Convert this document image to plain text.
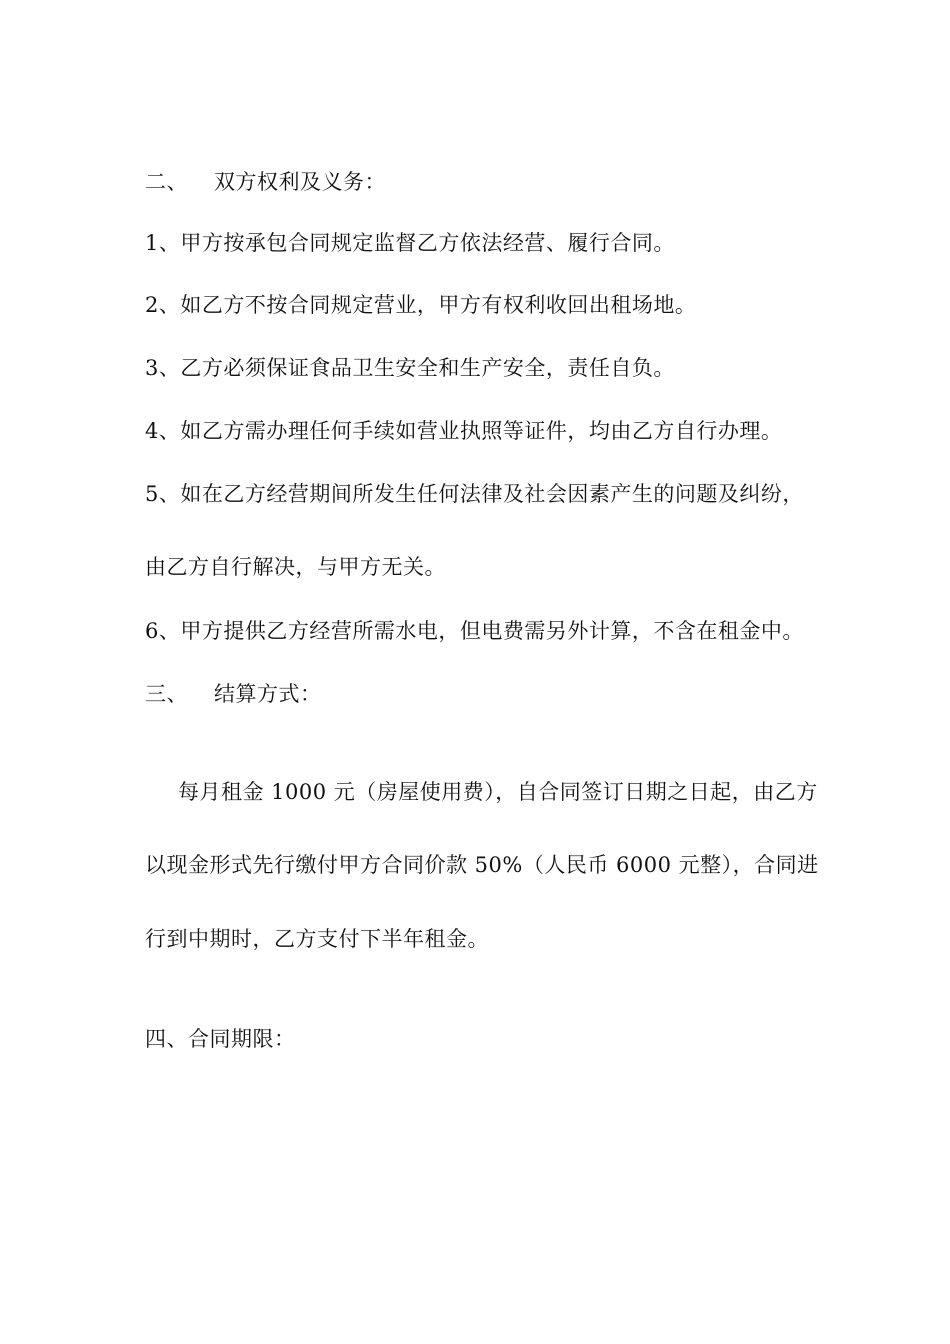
二、 双方权利及义务：
1、甲方按承包合同规定监督乙方依法经营、履行合同。
2、如乙方不按合同规定营业，甲方有权利收回出租场地。
3、乙方必须保证食品卫生安全和生产安全，责任自负。
4、如乙方需办理任何手续如营业执照等证件，均由乙方自行办理。
5、如在乙方经营期间所发生任何法律及社会因素产生的问题及纠纷，
由乙方自行解决，与甲方无关。
6、甲方提供乙方经营所需水电，但电费需另外计算，不含在租金中。
三、 结算方式：
每月租金 1000 元（房屋使用费），自合同签订日期之日起，由乙方
以现金形式先行缴付甲方合同价款 50%（人民币 6000 元整），合同进
行到中期时，乙方支付下半年租金。
四、合同期限：
